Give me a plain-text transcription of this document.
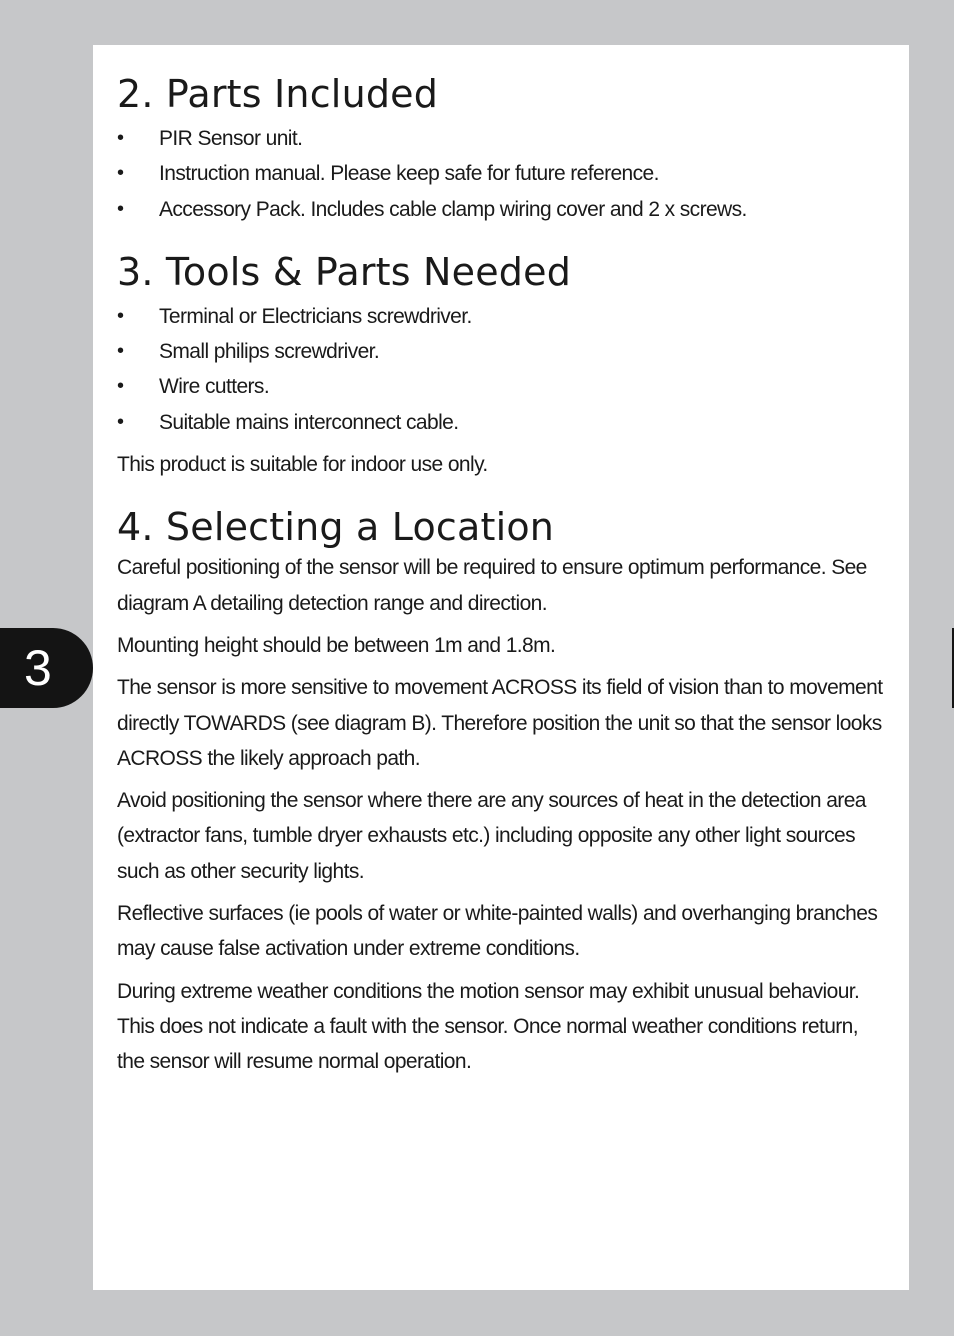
2. Parts Included
• PIR Sensor unit.
• Instruction manual. Please keep safe for future reference.
• Accessory Pack. Includes cable clamp wiring cover and 2 x screws.
3. Tools & Parts Needed
• Terminal or Electricians screwdriver.
• Small philips screwdriver.
• Wire cutters.
• Suitable mains interconnect cable.

This product is suitable for indoor use only.

4. Selecting a Location

Careful positioning of the sensor will be required to ensure optimum performance. See diagram A detailing detection range and direction.

Mounting height should be between 1m and 1.8m.

The sensor is more sensitive to movement ACROSS its field of vision than to movement directly TOWARDS (see diagram B). Therefore position the unit so that the sensor looks ACROSS the likely approach path.

Avoid positioning the sensor where there are any sources of heat in the detection area (extractor fans, tumble dryer exhausts etc.) including opposite any other light sources such as other security lights.

Reflective surfaces (ie pools of water or white-painted walls) and overhanging branches may cause false activation under extreme conditions.

During extreme weather conditions the motion sensor may exhibit unusual behaviour. This does not indicate a fault with the sensor. Once normal weather conditions return, the sensor will resume normal operation.

3
